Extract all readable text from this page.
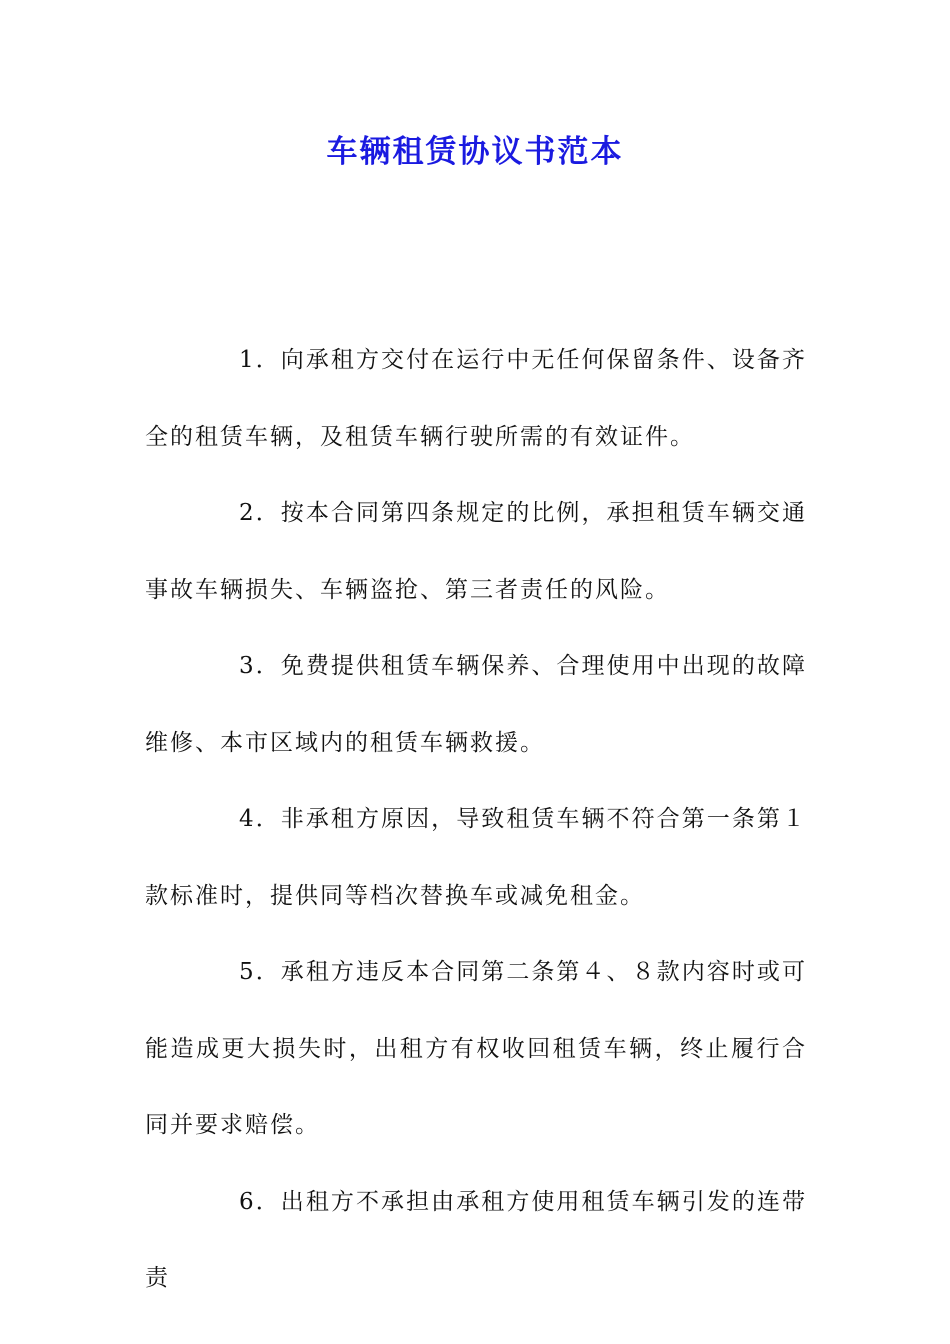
车辆租赁协议书范本

1．向承租方交付在运行中无任何保留条件、设备齐全的租赁车辆，及租赁车辆行驶所需的有效证件。

2．按本合同第四条规定的比例，承担租赁车辆交通事故车辆损失、车辆盗抢、第三者责任的风险。

3．免费提供租赁车辆保养、合理使用中出现的故障维修、本市区域内的租赁车辆救援。

4．非承租方原因，导致租赁车辆不符合第一条第１款标准时，提供同等档次替换车或减免租金。

5．承租方违反本合同第二条第４、８款内容时或可能造成更大损失时，出租方有权收回租赁车辆，终止履行合同并要求赔偿。

6．出租方不承担由承租方使用租赁车辆引发的连带责
